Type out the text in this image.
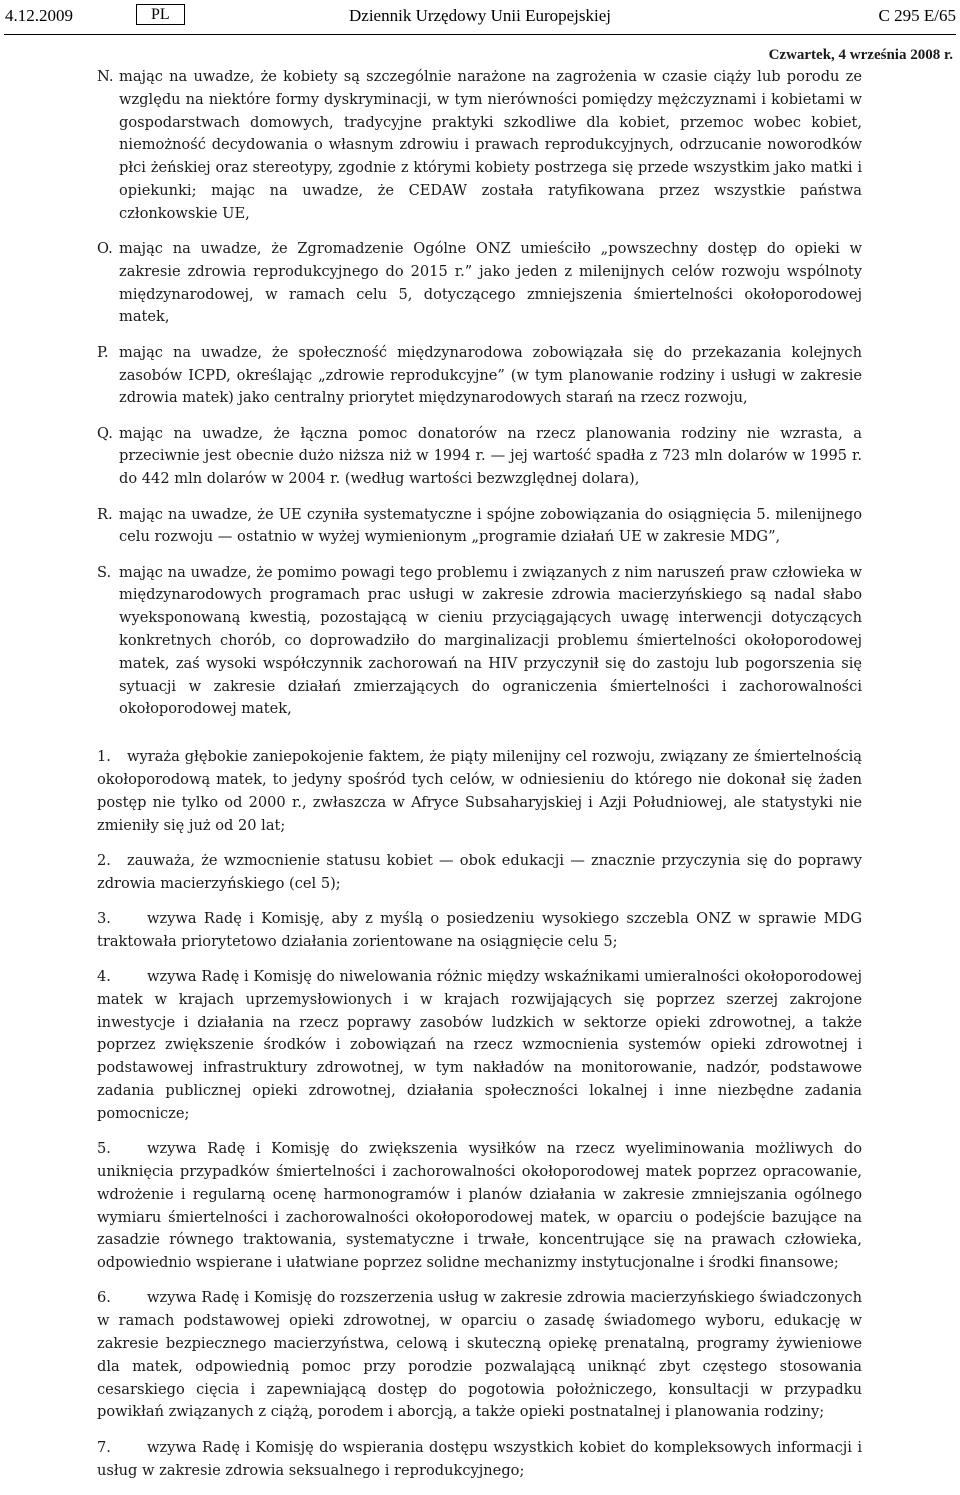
4.12.2009	PL	Dziennik Urzędowy Unii Europejskiej	C 295 E/65
Czwartek, 4 września 2008 r.
N. mając na uwadze, że kobiety są szczególnie narażone na zagrożenia w czasie ciąży lub porodu ze względu na niektóre formy dyskryminacji, w tym nierówności pomiędzy mężczyznami i kobietami w gospodarstwach domowych, tradycyjne praktyki szkodliwe dla kobiet, przemoc wobec kobiet, niemożność decydowania o własnym zdrowiu i prawach reprodukcyjnych, odrzucanie noworodków płci żeńskiej oraz stereotypy, zgodnie z którymi kobiety postrzega się przede wszystkim jako matki i opiekunki; mając na uwadze, że CEDAW została ratyfikowana przez wszystkie państwa członkowskie UE,

O. mając na uwadze, że Zgromadzenie Ogólne ONZ umieściło „powszechny dostęp do opieki w zakresie zdrowia reprodukcyjnego do 2015 r.” jako jeden z milenijnych celów rozwoju wspólnoty międzynarodowej, w ramach celu 5, dotyczącego zmniejszenia śmiertelności okołoporodowej matek,

P. mając na uwadze, że społeczność międzynarodowa zobowiązała się do przekazania kolejnych zasobów ICPD, określając „zdrowie reprodukcyjne” (w tym planowanie rodziny i usługi w zakresie zdrowia matek) jako centralny priorytet międzynarodowych starań na rzecz rozwoju,

Q. mając na uwadze, że łączna pomoc donatorów na rzecz planowania rodziny nie wzrasta, a przeciwnie jest obecnie dużo niższa niż w 1994 r. — jej wartość spadła z 723 mln dolarów w 1995 r. do 442 mln dolarów w 2004 r. (według wartości bezwzględnej dolara),

R. mając na uwadze, że UE czyniła systematyczne i spójne zobowiązania do osiągnięcia 5. milenijnego celu rozwoju — ostatnio w wyżej wymienionym „programie działań UE w zakresie MDG”,

S. mając na uwadze, że pomimo powagi tego problemu i związanych z nim naruszeń praw człowieka w międzynarodowych programach prac usługi w zakresie zdrowia macierzyńskiego są nadal słabo wyeksponowaną kwestią, pozostającą w cieniu przyciągających uwagę interwencji dotyczących konkretnych chorób, co doprowadziło do marginalizacji problemu śmiertelności okołoporodowej matek, zaś wysoki współczynnik zachorowań na HIV przyczynił się do zastoju lub pogorszenia się sytuacji w zakresie działań zmierzających do ograniczenia śmiertelności i zachorowalności okołoporodowej matek,

1. wyraża głębokie zaniepokojenie faktem, że piąty milenijny cel rozwoju, związany ze śmiertelnością okołoporodową matek, to jedyny spośród tych celów, w odniesieniu do którego nie dokonał się żaden postęp nie tylko od 2000 r., zwłaszcza w Afryce Subsaharyjskiej i Azji Południowej, ale statystyki nie zmieniły się już od 20 lat;
2. zauważa, że wzmocnienie statusu kobiet — obok edukacji — znacznie przyczynia się do poprawy zdrowia macierzyńskiego (cel 5);
3. wzywa Radę i Komisję, aby z myślą o posiedzeniu wysokiego szczebla ONZ w sprawie MDG traktowała priorytetowo działania zorientowane na osiągnięcie celu 5;
4. wzywa Radę i Komisję do niwelowania różnic między wskaźnikami umieralności okołoporodowej matek w krajach uprzemysłowionych i w krajach rozwijających się poprzez szerzej zakrojone inwestycje i działania na rzecz poprawy zasobów ludzkich w sektorze opieki zdrowotnej, a także poprzez zwiększenie środków i zobowiązań na rzecz wzmocnienia systemów opieki zdrowotnej i podstawowej infrastruktury zdrowotnej, w tym nakładów na monitorowanie, nadzór, podstawowe zadania publicznej opieki zdrowotnej, działania społeczności lokalnej i inne niezbędne zadania pomocnicze;
5. wzywa Radę i Komisję do zwiększenia wysiłków na rzecz wyeliminowania możliwych do uniknięcia przypadków śmiertelności i zachorowalności okołoporodowej matek poprzez opracowanie, wdrożenie i regularną ocenę harmonogramów i planów działania w zakresie zmniejszania ogólnego wymiaru śmiertelności i zachorowalności okołoporodowej matek, w oparciu o podejście bazujące na zasadzie równego traktowania, systematyczne i trwałe, koncentrujące się na prawach człowieka, odpowiednio wspierane i ułatwiane poprzez solidne mechanizmy instytucjonalne i środki finansowe;
6. wzywa Radę i Komisję do rozszerzenia usług w zakresie zdrowia macierzyńskiego świadczonych w ramach podstawowej opieki zdrowotnej, w oparciu o zasadę świadomego wyboru, edukację w zakresie bezpiecznego macierzyństwa, celową i skuteczną opiekę prenatalną, programy żywieniowe dla matek, odpowiednią pomoc przy porodzie pozwalającą uniknąć zbyt częstego stosowania cesarskiego cięcia i zapewniającą dostęp do pogotowia położniczego, konsultacji w przypadku powikłań związanych z ciążą, porodem i aborcją, a także opieki postnatalnej i planowania rodziny;
7. wzywa Radę i Komisję do wspierania dostępu wszystkich kobiet do kompleksowych informacji i usług w zakresie zdrowia seksualnego i reprodukcyjnego;
